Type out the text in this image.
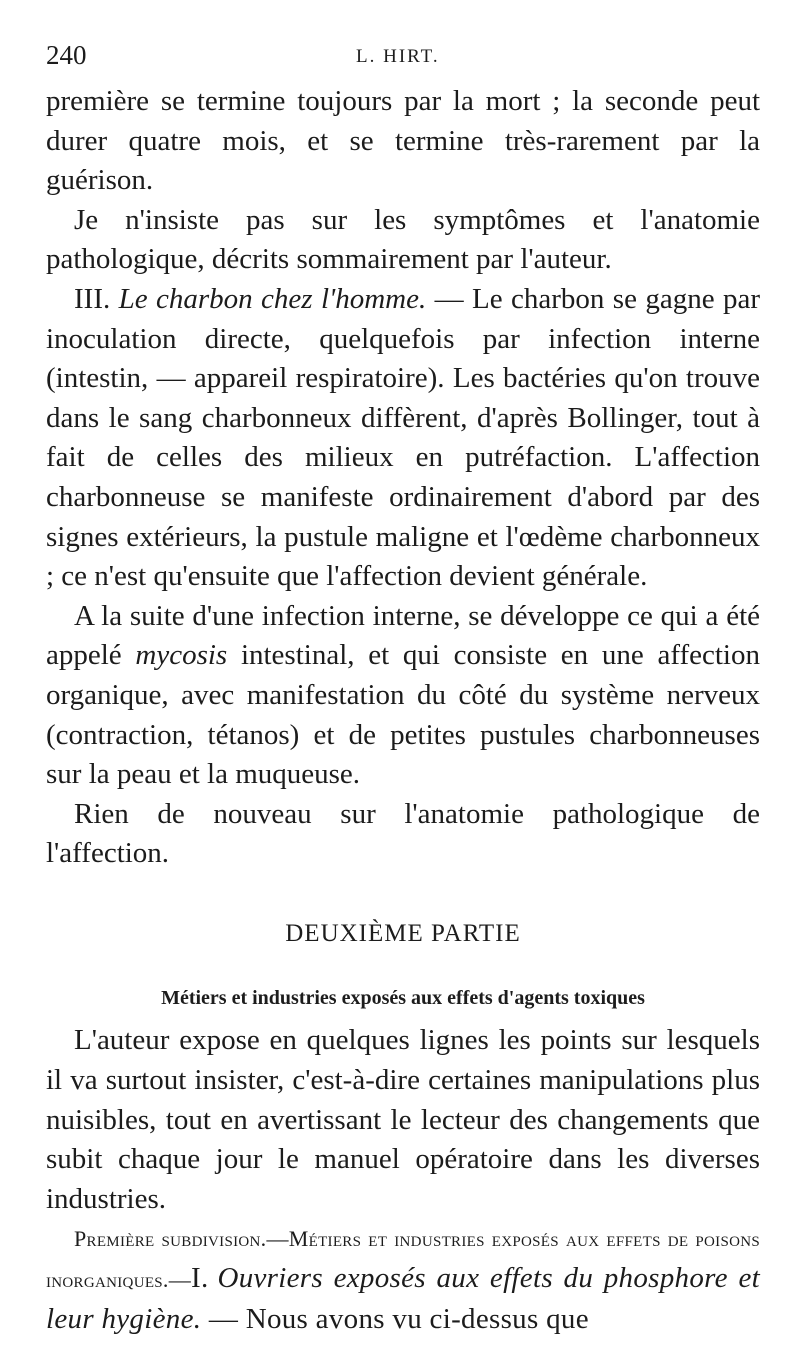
240	L. HIRT.

première se termine toujours par la mort ; la seconde peut durer quatre mois, et se termine très-rarement par la guérison.

Je n'insiste pas sur les symptômes et l'anatomie pathologique, décrits sommairement par l'auteur.

III. Le charbon chez l'homme. — Le charbon se gagne par inoculation directe, quelquefois par infection interne (intestin, — appareil respiratoire). Les bactéries qu'on trouve dans le sang charbonneux diffèrent, d'après Bollinger, tout à fait de celles des milieux en putréfaction. L'affection charbonneuse se manifeste ordinairement d'abord par des signes extérieurs, la pustule maligne et l'œdème charbonneux ; ce n'est qu'ensuite que l'affection devient générale.

A la suite d'une infection interne, se développe ce qui a été appelé mycosis intestinal, et qui consiste en une affection organique, avec manifestation du côté du système nerveux (contraction, tétanos) et de petites pustules charbonneuses sur la peau et la muqueuse.

Rien de nouveau sur l'anatomie pathologique de l'affection.

DEUXIÈME PARTIE
Métiers et industries exposés aux effets d'agents toxiques

L'auteur expose en quelques lignes les points sur lesquels il va surtout insister, c'est-à-dire certaines manipulations plus nuisibles, tout en avertissant le lecteur des changements que subit chaque jour le manuel opératoire dans les diverses industries.

Première subdivision.—Métiers et industries exposés aux effets de poisons inorganiques.—I. Ouvriers exposés aux effets du phosphore et leur hygiène. — Nous avons vu ci-dessus que
